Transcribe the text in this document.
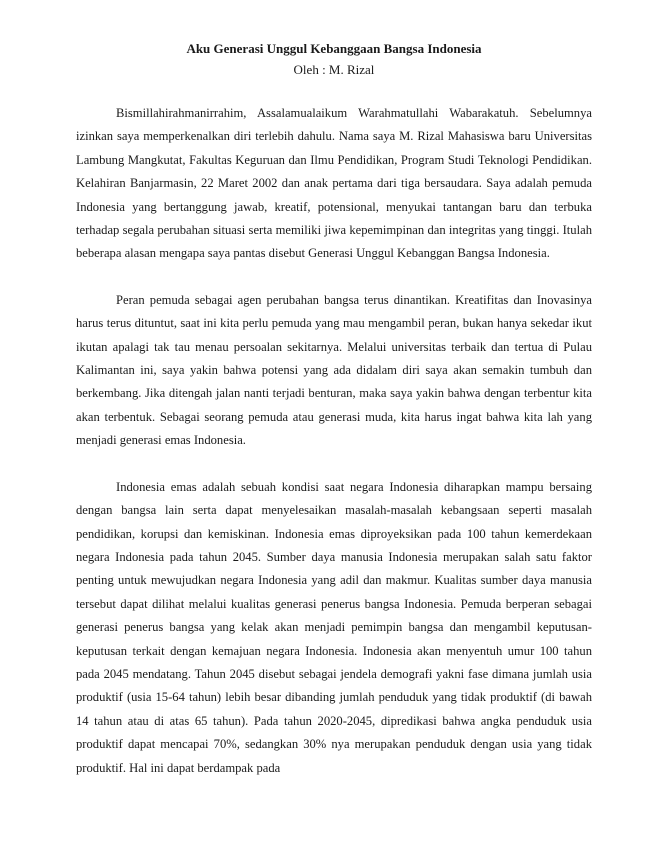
Aku Generasi Unggul Kebanggaan Bangsa Indonesia

Oleh : M. Rizal

Bismillahirahmanirrahim, Assalamualaikum Warahmatullahi Wabarakatuh. Sebelumnya izinkan saya memperkenalkan diri terlebih dahulu. Nama saya M. Rizal Mahasiswa baru Universitas Lambung Mangkutat, Fakultas Keguruan dan Ilmu Pendidikan, Program Studi Teknologi Pendidikan. Kelahiran Banjarmasin, 22 Maret 2002 dan anak pertama dari tiga bersaudara. Saya adalah pemuda Indonesia yang bertanggung jawab, kreatif, potensional, menyukai tantangan baru dan terbuka terhadap segala perubahan situasi serta memiliki jiwa kepemimpinan dan integritas yang tinggi. Itulah beberapa alasan mengapa saya pantas disebut Generasi Unggul Kebanggan Bangsa Indonesia.

Peran pemuda sebagai agen perubahan bangsa terus dinantikan. Kreatifitas dan Inovasinya harus terus dituntut, saat ini kita perlu pemuda yang mau mengambil peran, bukan hanya sekedar ikut ikutan apalagi tak tau menau persoalan sekitarnya. Melalui universitas terbaik dan tertua di Pulau Kalimantan ini, saya yakin bahwa potensi yang ada didalam diri saya akan semakin tumbuh dan berkembang. Jika ditengah jalan nanti terjadi benturan, maka saya yakin bahwa dengan terbentur kita akan terbentuk. Sebagai seorang pemuda atau generasi muda, kita harus ingat bahwa kita lah yang menjadi generasi emas Indonesia.

Indonesia emas adalah sebuah kondisi saat negara Indonesia diharapkan mampu bersaing dengan bangsa lain serta dapat menyelesaikan masalah-masalah kebangsaan seperti masalah pendidikan, korupsi dan kemiskinan. Indonesia emas diproyeksikan pada 100 tahun kemerdekaan negara Indonesia pada tahun 2045. Sumber daya manusia Indonesia merupakan salah satu faktor penting untuk mewujudkan negara Indonesia yang adil dan makmur. Kualitas sumber daya manusia tersebut dapat dilihat melalui kualitas generasi penerus bangsa Indonesia. Pemuda berperan sebagai generasi penerus bangsa yang kelak akan menjadi pemimpin bangsa dan mengambil keputusan-keputusan terkait dengan kemajuan negara Indonesia. Indonesia akan menyentuh umur 100 tahun pada 2045 mendatang. Tahun 2045 disebut sebagai jendela demografi yakni fase dimana jumlah usia produktif (usia 15-64 tahun) lebih besar dibanding jumlah penduduk yang tidak produktif (di bawah 14 tahun atau di atas 65 tahun). Pada tahun 2020-2045, dipredikasi bahwa angka penduduk usia produktif dapat mencapai 70%, sedangkan 30% nya merupakan penduduk dengan usia yang tidak produktif. Hal ini dapat berdampak pada
